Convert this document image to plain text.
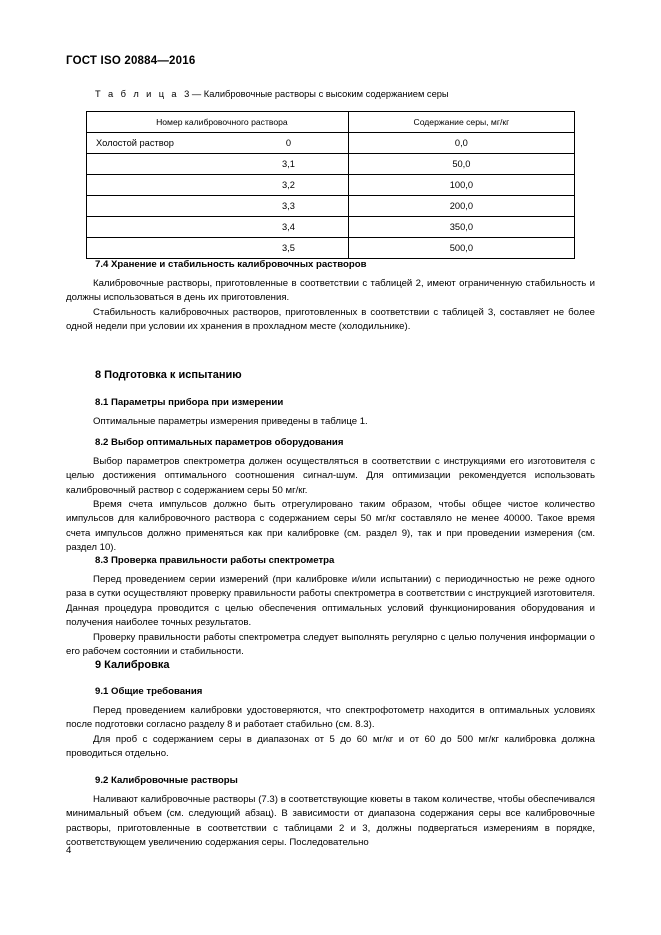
ГОСТ ISO 20884—2016
Т а б л и ц а 3 — Калибровочные растворы с высоким содержанием серы
Номер калибровочного раствора		Содержание серы, мг/кг
Холостой раствор	0	0,0
	3,1	50,0
	3,2	100,0
	3,3	200,0
	3,4	350,0
	3,5	500,0
7.4 Хранение и стабильность калибровочных растворов
Калибровочные растворы, приготовленные в соответствии с таблицей 2, имеют ограниченную стабильность и должны использоваться в день их приготовления.
Стабильность калибровочных растворов, приготовленных в соответствии с таблицей 3, составляет не более одной недели при условии их хранения в прохладном месте (холодильнике).
8 Подготовка к испытанию
8.1 Параметры прибора при измерении
Оптимальные параметры измерения приведены в таблице 1.
8.2 Выбор оптимальных параметров оборудования
Выбор параметров спектрометра должен осуществляться в соответствии с инструкциями его изготовителя с целью достижения оптимального соотношения сигнал-шум. Для оптимизации рекомендуется использовать калибровочный раствор с содержанием серы 50 мг/кг.
Время счета импульсов должно быть отрегулировано таким образом, чтобы общее чистое количество импульсов для калибровочного раствора с содержанием серы 50 мг/кг составляло не менее 40000. Такое время счета импульсов должно применяться как при калибровке (см. раздел 9), так и при проведении измерения (см. раздел 10).
8.3 Проверка правильности работы спектрометра
Перед проведением серии измерений (при калибровке и/или испытании) с периодичностью не реже одного раза в сутки осуществляют проверку правильности работы спектрометра в соответствии с инструкцией изготовителя. Данная процедура проводится с целью обеспечения оптимальных условий функционирования оборудования и получения наиболее точных результатов.
Проверку правильности работы спектрометра следует выполнять регулярно с целью получения информации о его рабочем состоянии и стабильности.
9 Калибровка
9.1 Общие требования
Перед проведением калибровки удостоверяются, что спектрофотометр находится в оптимальных условиях после подготовки согласно разделу 8 и работает стабильно (см. 8.3).
Для проб с содержанием серы в диапазонах от 5 до 60 мг/кг и от 60 до 500 мг/кг калибровка должна проводиться отдельно.
9.2 Калибровочные растворы
Наливают калибровочные растворы (7.3) в соответствующие кюветы в таком количестве, чтобы обеспечивался минимальный объем (см. следующий абзац). В зависимости от диапазона содержания серы все калибровочные растворы, приготовленные в соответствии с таблицами 2 и 3, должны подвергаться измерениям в порядке, соответствующем увеличению содержания серы. Последовательно
4
